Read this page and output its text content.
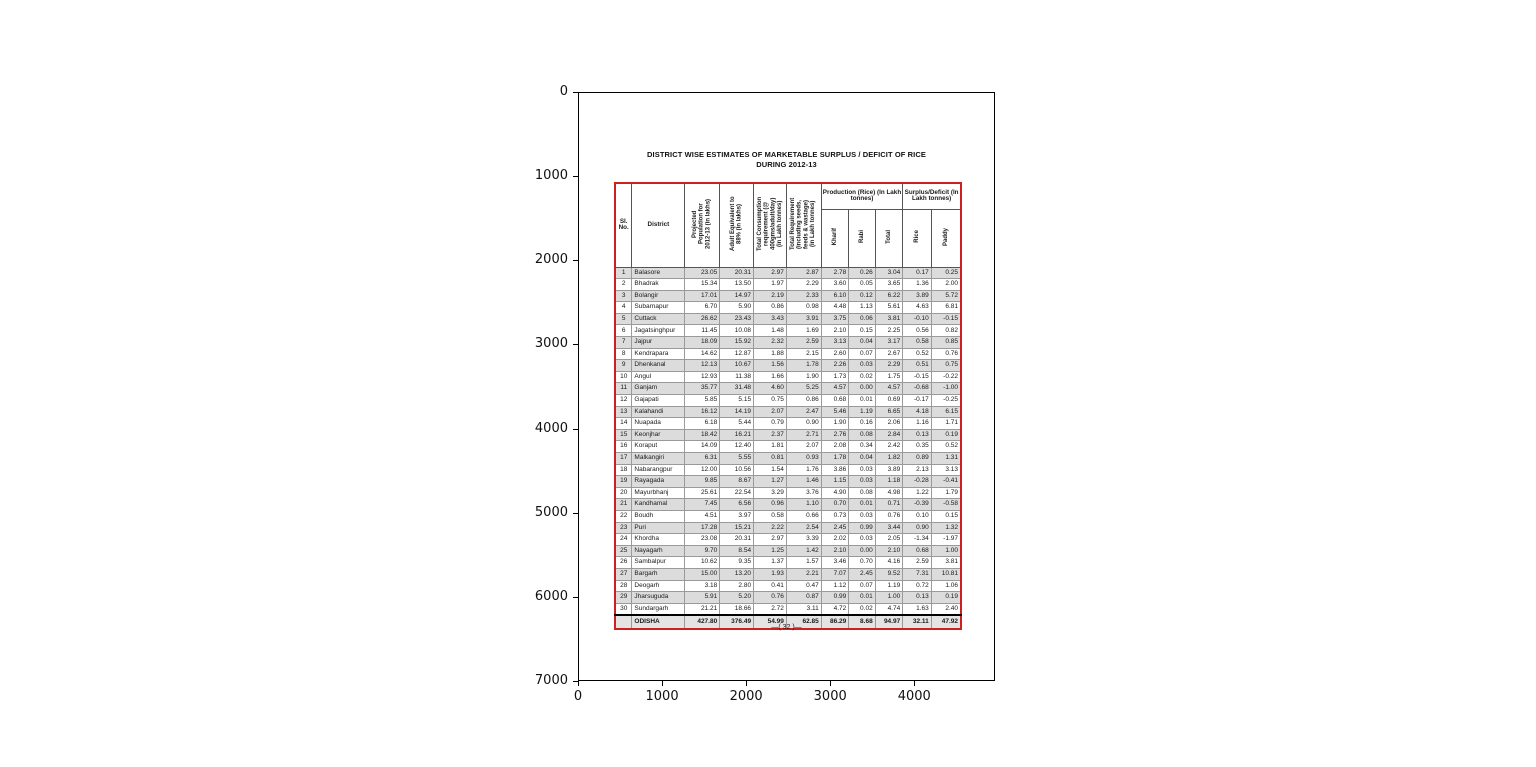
DISTRICT WISE ESTIMATES OF MARKETABLE SURPLUS / DEFICIT OF RICE
DURING 2012-13
Sl. No.	District	Projected Population for 2012-13 (in lakhs)	Adult Equivalent to 88% (in lakhs)	Total Consumption requirement (@ 400gms/adult/day) (in Lakh tonnes)	Total Requirement (including seeds, feeds & wastage) (in Lakh tonnes)	Production (Rice) (In Lakh tonnes)			Surplus/Deficit (In Lakh tonnes)	
						Kharif	Rabi	Total	Rice	Paddy
1	Balasore	23.05	20.31	2.97	2.87	2.78	0.26	3.04	0.17	0.25
2	Bhadrak	15.34	13.50	1.97	2.29	3.60	0.05	3.65	1.36	2.00
3	Bolangir	17.01	14.97	2.19	2.33	6.10	0.12	6.22	3.89	5.72
4	Subarnapur	6.70	5.90	0.86	0.98	4.48	1.13	5.61	4.63	6.81
5	Cuttack	26.62	23.43	3.43	3.91	3.75	0.06	3.81	-0.10	-0.15
6	Jagatsinghpur	11.45	10.08	1.48	1.69	2.10	0.15	2.25	0.56	0.82
7	Jajpur	18.09	15.92	2.32	2.59	3.13	0.04	3.17	0.58	0.85
8	Kendrapara	14.62	12.87	1.88	2.15	2.60	0.07	2.67	0.52	0.76
9	Dhenkanal	12.13	10.67	1.56	1.78	2.26	0.03	2.29	0.51	0.75
10	Angul	12.93	11.38	1.66	1.90	1.73	0.02	1.75	-0.15	-0.22
11	Ganjam	35.77	31.48	4.60	5.25	4.57	0.00	4.57	-0.68	-1.00
12	Gajapati	5.85	5.15	0.75	0.86	0.68	0.01	0.69	-0.17	-0.25
13	Kalahandi	16.12	14.19	2.07	2.47	5.46	1.19	6.65	4.18	6.15
14	Nuapada	6.18	5.44	0.79	0.90	1.90	0.16	2.06	1.16	1.71
15	Keonjhar	18.42	16.21	2.37	2.71	2.76	0.08	2.84	0.13	0.19
16	Koraput	14.09	12.40	1.81	2.07	2.08	0.34	2.42	0.35	0.52
17	Malkangiri	6.31	5.55	0.81	0.93	1.78	0.04	1.82	0.89	1.31
18	Nabarangpur	12.00	10.56	1.54	1.76	3.86	0.03	3.89	2.13	3.13
19	Rayagada	9.85	8.67	1.27	1.46	1.15	0.03	1.18	-0.28	-0.41
20	Mayurbhanj	25.61	22.54	3.29	3.76	4.90	0.08	4.98	1.22	1.79
21	Kandhamal	7.45	6.56	0.96	1.10	0.70	0.01	0.71	-0.39	-0.58
22	Boudh	4.51	3.97	0.58	0.66	0.73	0.03	0.76	0.10	0.15
23	Puri	17.28	15.21	2.22	2.54	2.45	0.99	3.44	0.90	1.32
24	Khordha	23.08	20.31	2.97	3.39	2.02	0.03	2.05	-1.34	-1.97
25	Nayagarh	9.70	8.54	1.25	1.42	2.10	0.00	2.10	0.68	1.00
26	Sambalpur	10.62	9.35	1.37	1.57	3.46	0.70	4.16	2.59	3.81
27	Bargarh	15.00	13.20	1.93	2.21	7.07	2.45	9.52	7.31	10.81
28	Deogarh	3.18	2.80	0.41	0.47	1.12	0.07	1.19	0.72	1.06
29	Jharsuguda	5.91	5.20	0.76	0.87	0.99	0.01	1.00	0.13	0.19
30	Sundargarh	21.21	18.66	2.72	3.11	4.72	0.02	4.74	1.63	2.40
	ODISHA	427.80	376.49	54.99	62.85	86.29	8.68	94.97	32.11	47.92
—( 32 )—
0	1000	2000	3000	4000
0
1000
2000
3000
4000
5000
6000
7000
